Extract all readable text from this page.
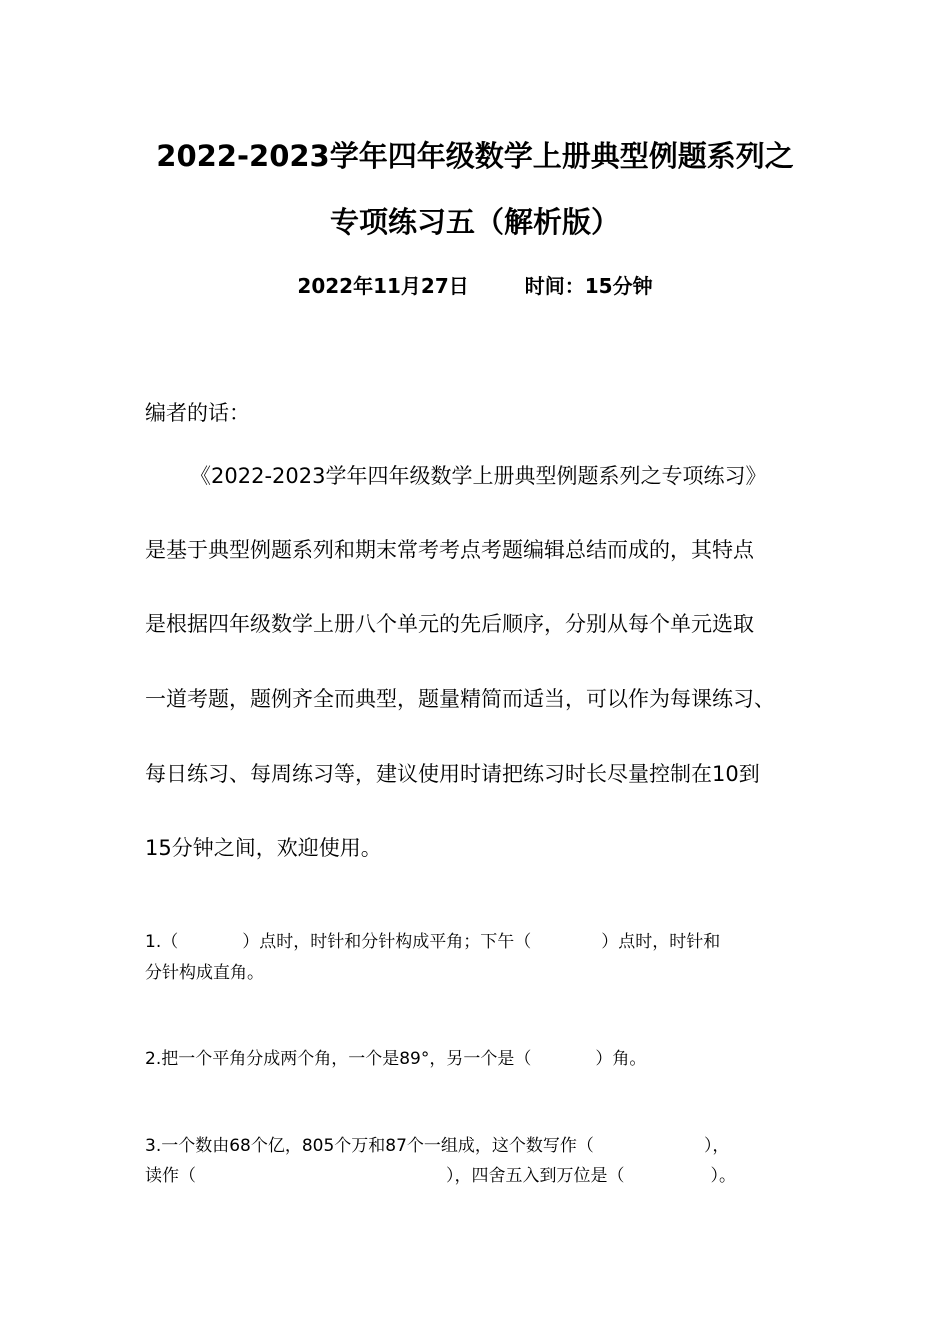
2022-2023学年四年级数学上册典型例题系列之
专项练习五（解析版）
2022年11月27日	时间：15分钟
编者的话：
《2022-2023学年四年级数学上册典型例题系列之专项练习》
是基于典型例题系列和期末常考考点考题编辑总结而成的，其特点
是根据四年级数学上册八个单元的先后顺序，分别从每个单元选取
一道考题，题例齐全而典型，题量精简而适当，可以作为每课练习、
每日练习、每周练习等，建议使用时请把练习时长尽量控制在10到
15分钟之间，欢迎使用。
1.（	）点时，时针和分针构成平角；下午（	）点时，时针和
分针构成直角。
2.把一个平角分成两个角，一个是89°，另一个是（	）角。
3.一个数由68个亿，805个万和87个一组成，这个数写作（	），
读作（	），四舍五入到万位是（	）。
